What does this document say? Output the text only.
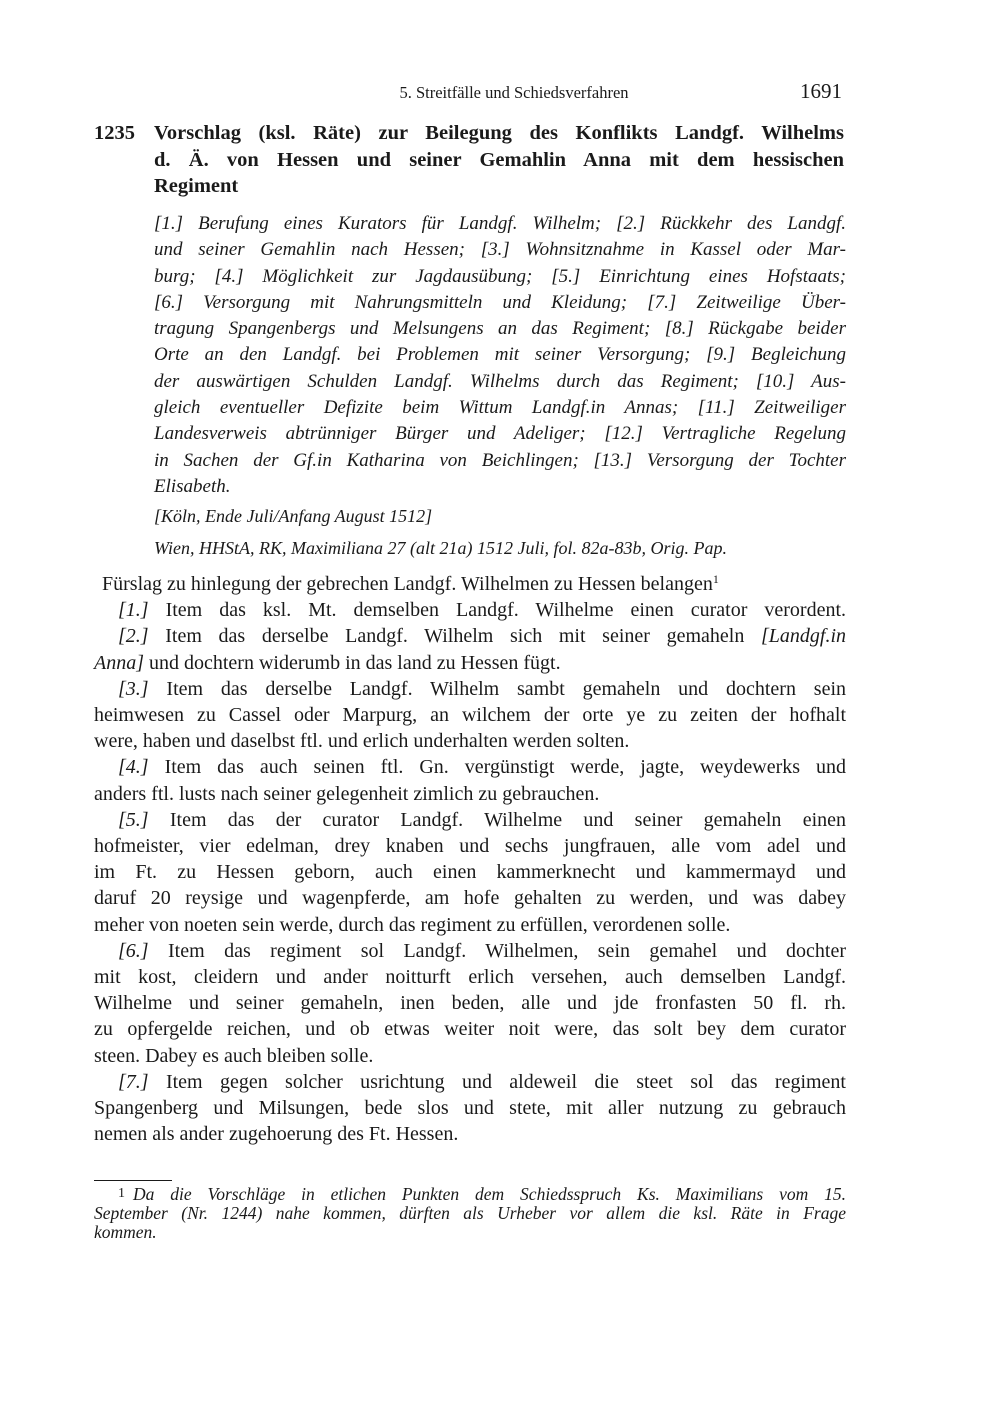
5. Streitfälle und Schiedsverfahren	1691
1235 Vorschlag (ksl. Räte) zur Beilegung des Konflikts Landgf. Wilhelms
d. Ä. von Hessen und seiner Gemahlin Anna mit dem hessischen
Regiment
[1.] Berufung eines Kurators für Landgf. Wilhelm; [2.] Rückkehr des Landgf.
und seiner Gemahlin nach Hessen; [3.] Wohnsitznahme in Kassel oder Mar-
burg; [4.] Möglichkeit zur Jagdausübung; [5.] Einrichtung eines Hofstaats;
[6.] Versorgung mit Nahrungsmitteln und Kleidung; [7.] Zeitweilige Über-
tragung Spangenbergs und Melsungens an das Regiment; [8.] Rückgabe beider
Orte an den Landgf. bei Problemen mit seiner Versorgung; [9.] Begleichung
der auswärtigen Schulden Landgf. Wilhelms durch das Regiment; [10.] Aus-
gleich eventueller Defizite beim Wittum Landgf.in Annas; [11.] Zeitweiliger
Landesverweis abtrünniger Bürger und Adeliger; [12.] Vertragliche Regelung
in Sachen der Gf.in Katharina von Beichlingen; [13.] Versorgung der Tochter
Elisabeth.
[Köln, Ende Juli/Anfang August 1512]
Wien, HHStA, RK, Maximiliana 27 (alt 21a) 1512 Juli, fol. 82a-83b, Orig. Pap.
Fürslag zu hinlegung der gebrechen Landgf. Wilhelmen zu Hessen belangen$^1$
[1.] Item das ksl. Mt. demselben Landgf. Wilhelme einen curator verordent.
[2.] Item das derselbe Landgf. Wilhelm sich mit seiner gemaheln [Landgf.in
Anna] und dochtern widerumb in das land zu Hessen fügt.
[3.] Item das derselbe Landgf. Wilhelm sambt gemaheln und dochtern sein
heimwesen zu Cassel oder Marpurg, an wilchem der orte ye zu zeiten der hofhalt
were, haben und daselbst ftl. und erlich underhalten werden solten.
[4.] Item das auch seinen ftl. Gn. vergünstigt werde, jagte, weydewerks und
anders ftl. lusts nach seiner gelegenheit zimlich zu gebrauchen.
[5.] Item das der curator Landgf. Wilhelme und seiner gemaheln einen
hofmeister, vier edelman, drey knaben und sechs jungfrauen, alle vom adel und
im Ft. zu Hessen geborn, auch einen kammerknecht und kammermayd und
daruf 20 reysige und wagenpferde, am hofe gehalten zu werden, und was dabey
meher von noeten sein werde, durch das regiment zu erfüllen, verordenen solle.
[6.] Item das regiment sol Landgf. Wilhelmen, sein gemahel und dochter
mit kost, cleidern und ander noitturft erlich versehen, auch demselben Landgf.
Wilhelme und seiner gemaheln, inen beden, alle und jde fronfasten 50 fl. rh.
zu opfergelde reichen, und ob etwas weiter noit were, das solt bey dem curator
steen. Dabey es auch bleiben solle.
[7.] Item gegen solcher usrichtung und aldeweil die steet sol das regiment
Spangenberg und Milsungen, bede slos und stete, mit aller nutzung zu gebrauch
nemen als ander zugehoerung des Ft. Hessen.
1 Da die Vorschläge in etlichen Punkten dem Schiedsspruch Ks. Maximilians vom 15.
September (Nr. 1244) nahe kommen, dürften als Urheber vor allem die ksl. Räte in Frage
kommen.
